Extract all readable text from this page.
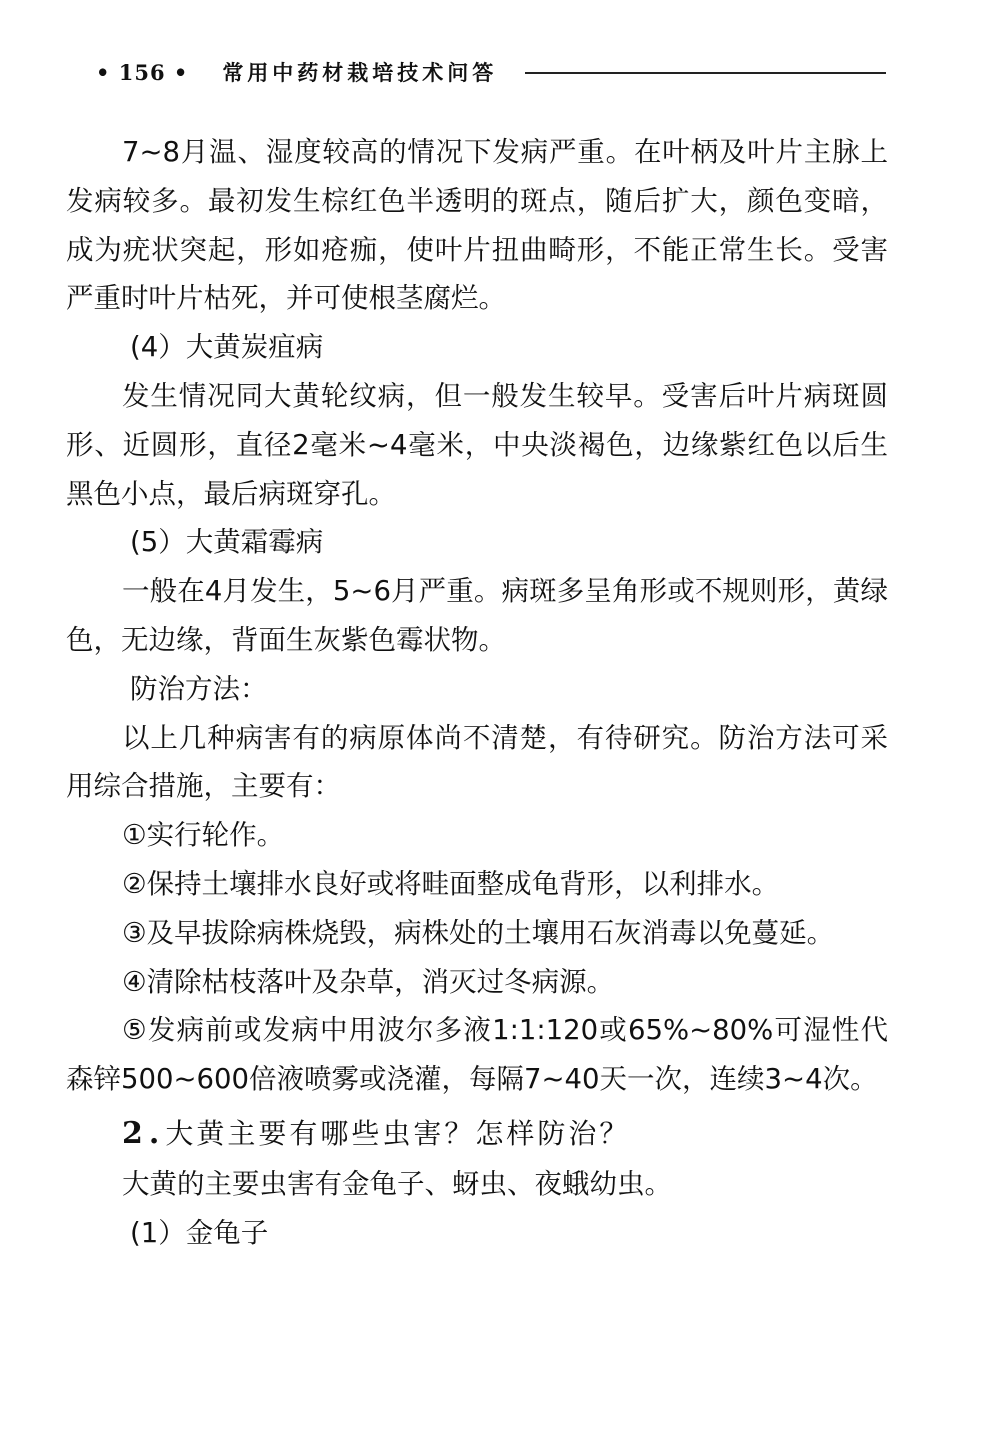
• 156 • 常用中药材栽培技术问答

7~8月温、湿度较高的情况下发病严重。在叶柄及叶片主脉上发病较多。最初发生棕红色半透明的斑点，随后扩大，颜色变暗，成为疣状突起，形如疮痂，使叶片扭曲畸形，不能正常生长。受害严重时叶片枯死，并可使根茎腐烂。

(4）大黄炭疽病

发生情况同大黄轮纹病，但一般发生较早。受害后叶片病斑圆形、近圆形，直径2毫米~4毫米，中央淡褐色，边缘紫红色以后生黑色小点，最后病斑穿孔。

(5）大黄霜霉病

一般在4月发生，5~6月严重。病斑多呈角形或不规则形，黄绿色，无边缘，背面生灰紫色霉状物。

防治方法：

以上几种病害有的病原体尚不清楚，有待研究。防治方法可采用综合措施，主要有：

①实行轮作。

②保持土壤排水良好或将畦面整成龟背形，以利排水。

③及早拔除病株烧毁，病株处的土壤用石灰消毒以免蔓延。

④清除枯枝落叶及杂草，消灭过冬病源。

⑤发病前或发病中用波尔多液1:1:120或65%~80%可湿性代森锌500~600倍液喷雾或浇灌，每隔7~40天一次，连续3~4次。

2.大黄主要有哪些虫害？怎样防治？

大黄的主要虫害有金龟子、蚜虫、夜蛾幼虫。

(1）金龟子
